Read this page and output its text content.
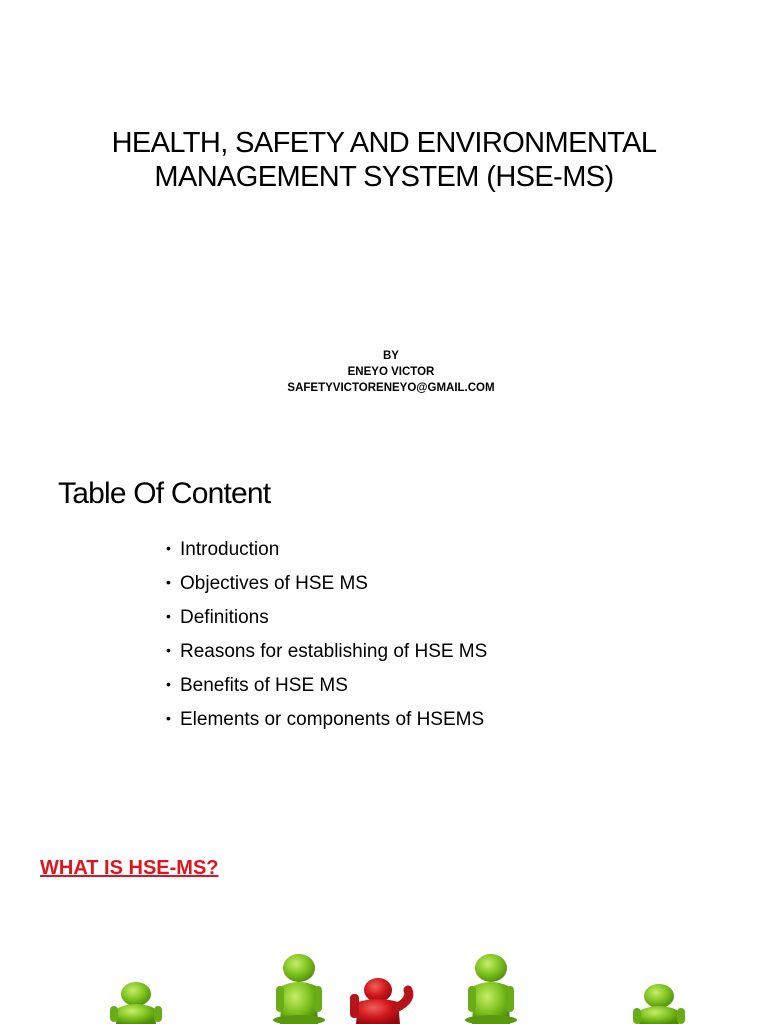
HEALTH, SAFETY AND ENVIRONMENTAL
MANAGEMENT SYSTEM (HSE-MS)
BY
ENEYO VICTOR
SAFETYVICTORENEYO@GMAIL.COM
Table Of Content
• Introduction
• Objectives of HSE MS
• Definitions
• Reasons for establishing of HSE MS
• Benefits of HSE MS
• Elements or components of HSEMS
WHAT IS HSE-MS?
